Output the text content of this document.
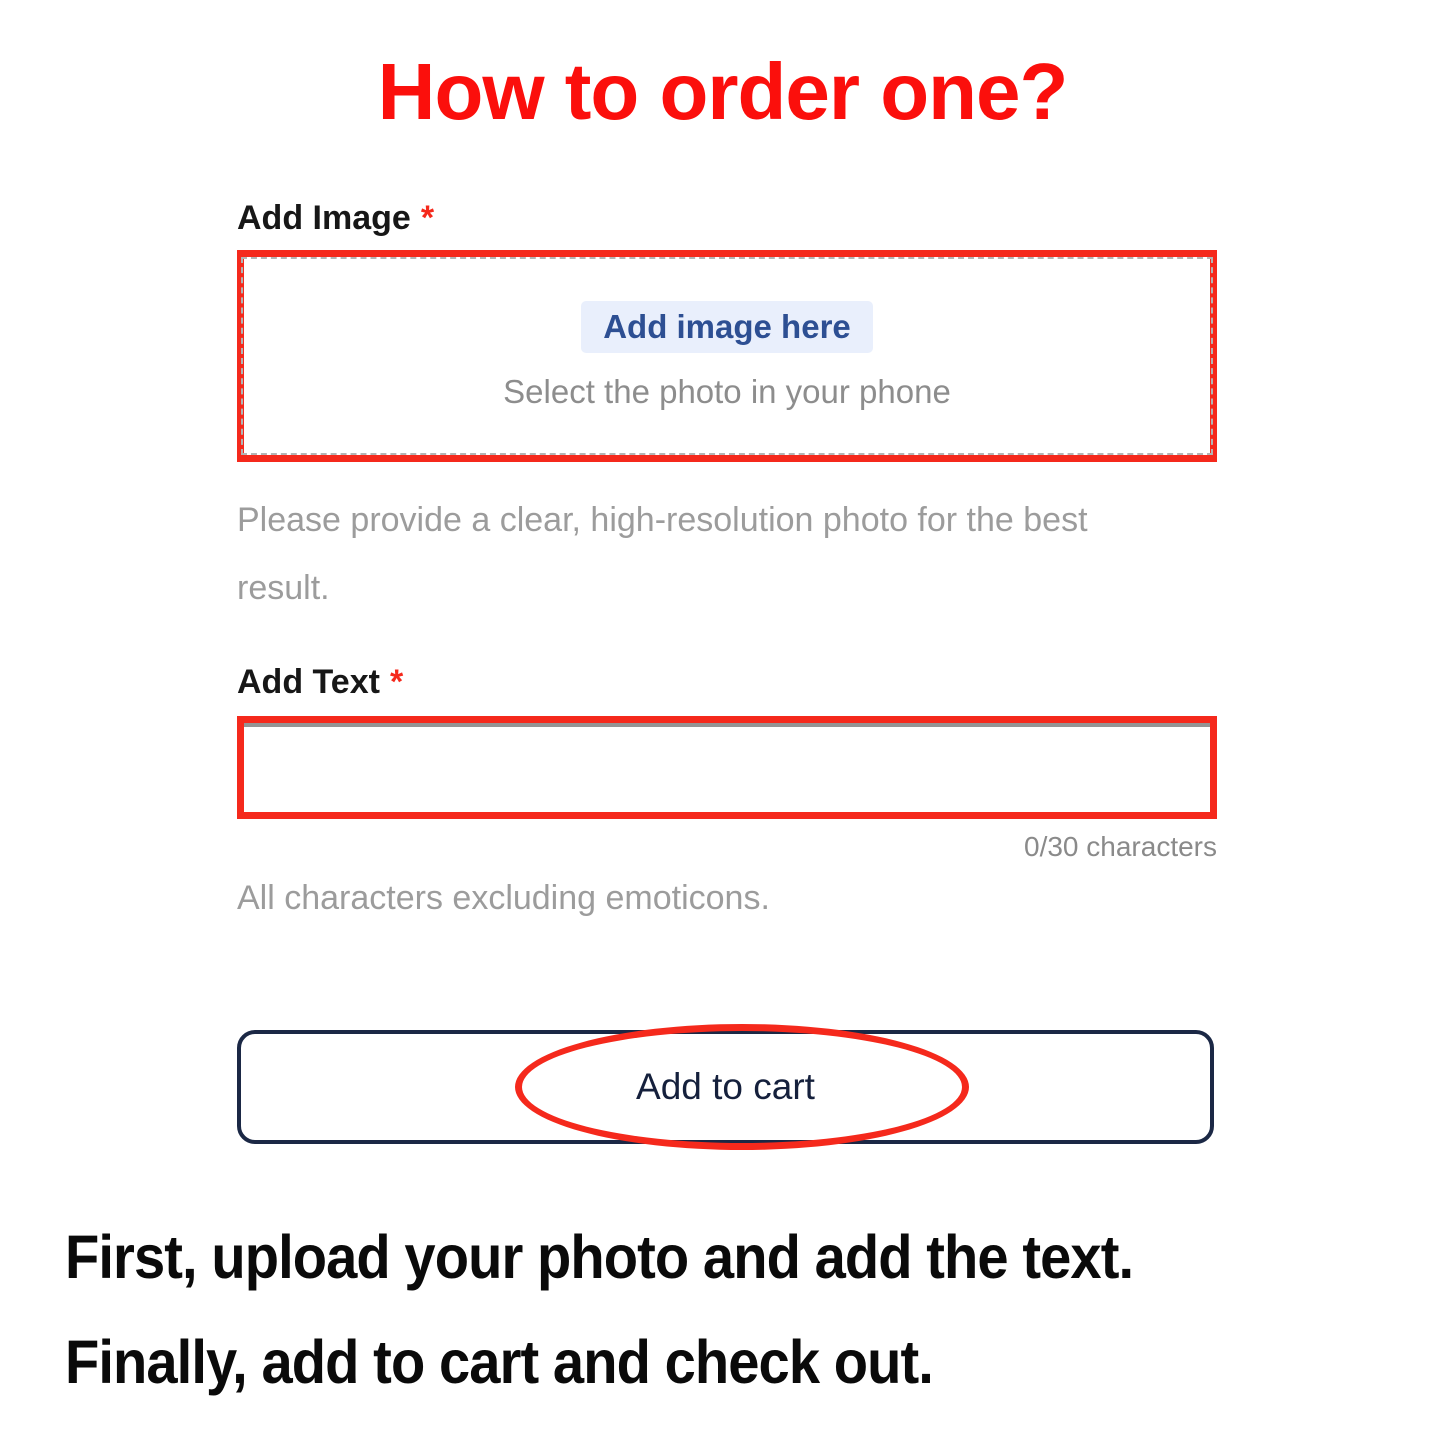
How to order one?
Add Image *
Add image here
Select the photo in your phone

Please provide a clear, high-resolution photo for the best result.

Add Text *
0/30 characters

All characters excluding emoticons.

Add to cart

First, upload your photo and add the text.

Finally, add to cart and check out.
